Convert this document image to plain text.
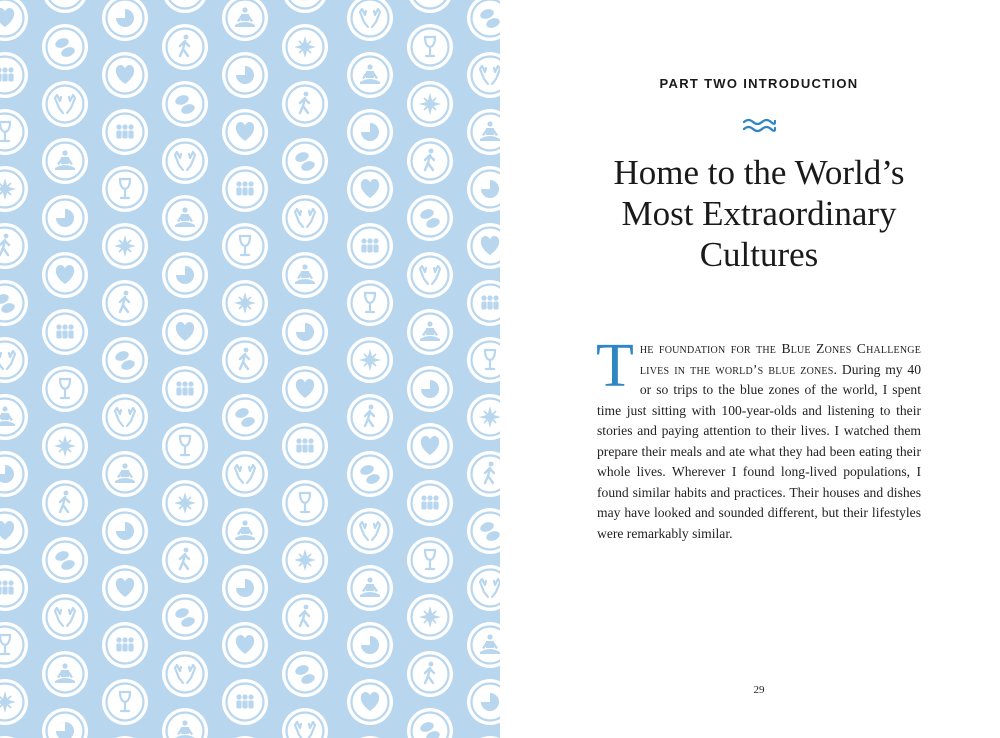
PART TWO INTRODUCTION
Home to the World’s
Most Extraordinary
Cultures

The foundation for the Blue Zones Challenge lives in the world’s blue zones. During my 40 or so trips to the blue zones of the world, I spent time just sitting with 100-year-olds and listening to their stories and paying attention to their lives. I watched them prepare their meals and ate what they had been eating their whole lives. Wherever I found long-lived populations, I found similar habits and practices. Their houses and dishes may have looked and sounded different, but their lifestyles were remarkably similar.

29
